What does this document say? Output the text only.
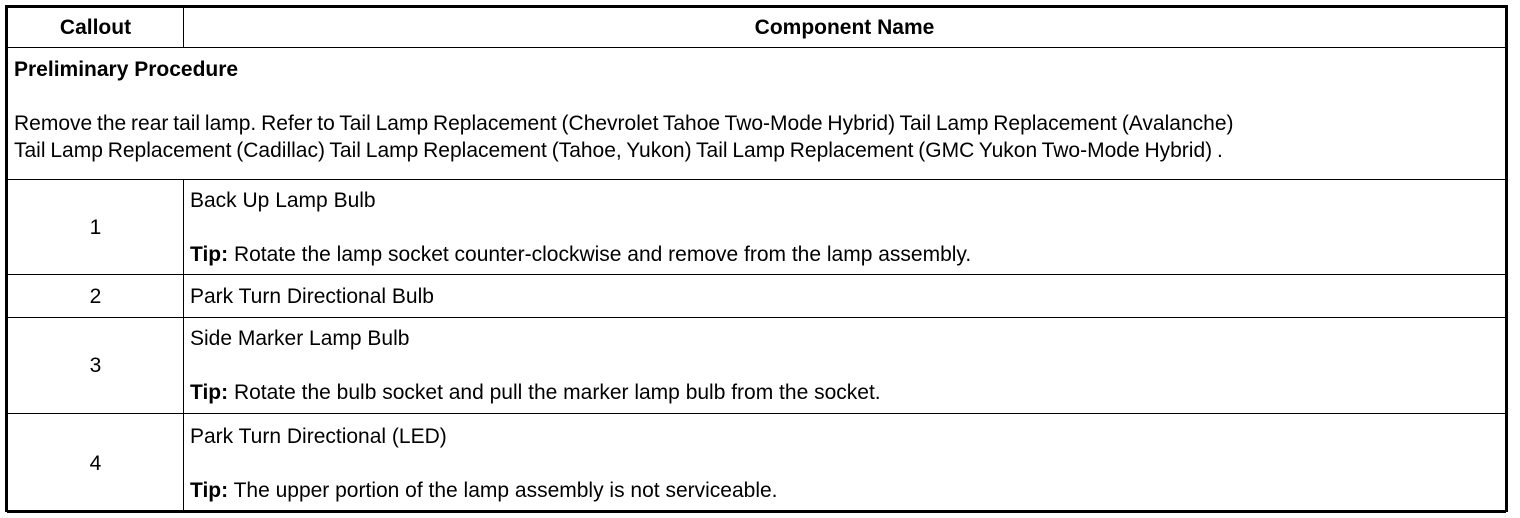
Callout	Component Name

Preliminary Procedure
Remove the rear tail lamp. Refer to Tail Lamp Replacement (Chevrolet Tahoe Two-Mode Hybrid) Tail Lamp Replacement (Avalanche)
Tail Lamp Replacement (Cadillac) Tail Lamp Replacement (Tahoe, Yukon) Tail Lamp Replacement (GMC Yukon Two-Mode Hybrid) .	

1	Back Up Lamp Bulb
Tip: Rotate the lamp socket counter-clockwise and remove from the lamp assembly.

2	Park Turn Directional Bulb

3	Side Marker Lamp Bulb
Tip: Rotate the bulb socket and pull the marker lamp bulb from the socket.

4	Park Turn Directional (LED)
Tip: The upper portion of the lamp assembly is not serviceable.
